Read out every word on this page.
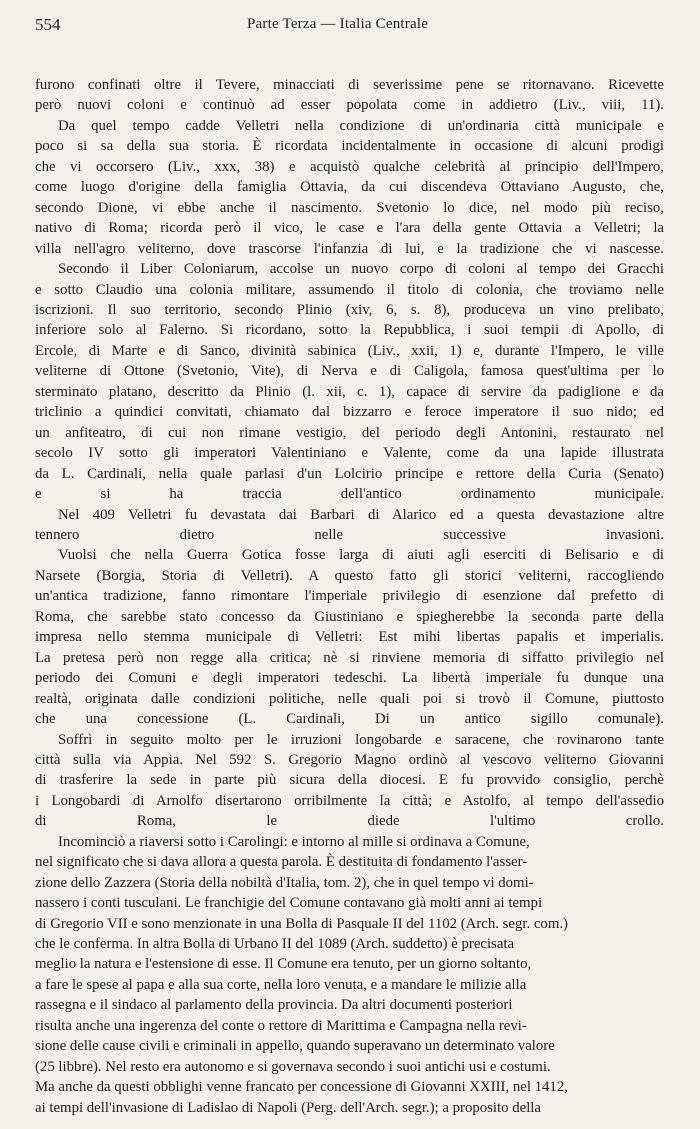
554	Parte Terza — Italia Centrale

furono confinati oltre il Tevere, minacciati di severissime pene se ritornavano. Ricevette
però nuovi coloni e continuò ad esser popolata come in addietro (Liv., viii, 11).

Da quel tempo cadde Velletri nella condizione di un'ordinaria città municipale e
poco si sa della sua storia. È ricordata incidentalmente in occasione di alcuni prodigi
che vi occorsero (Liv., xxx, 38) e acquistò qualche celebrità al principio dell'Impero,
come luogo d'origine della famiglia Ottavia, da cui discendeva Ottaviano Augusto, che,
secondo Dione, vi ebbe anche il nascimento. Svetonio lo dice, nel modo più reciso,
nativo di Roma; ricorda però il vico, le case e l'ara della gente Ottavia a Velletri; la
villa nell'agro veliterno, dove trascorse l'infanzia di lui, e la tradizione che vi nascesse.

Secondo il Liber Coloniarum, accolse un nuovo corpo di coloni al tempo dei Gracchi
e sotto Claudio una colonia militare, assumendo il titolo di colonia, che troviamo nelle
iscrizioni. Il suo territorio, secondo Plinio (xiv, 6, s. 8), produceva un vino prelibato,
inferiore solo al Falerno. Si ricordano, sotto la Repubblica, i suoi tempii di Apollo, di
Ercole, di Marte e di Sanco, divinità sabinica (Liv., xxii, 1) e, durante l'Impero, le ville
veliterne di Ottone (Svetonio, Vite), di Nerva e di Caligola, famosa quest'ultima per lo
sterminato platano, descritto da Plinio (l. xii, c. 1), capace di servire da padiglione e da
triclinio a quindici convitati, chiamato dal bizzarro e feroce imperatore il suo nido; ed
un anfiteatro, di cui non rimane vestigio, del periodo degli Antonini, restaurato nel
secolo IV sotto gli imperatori Valentiniano e Valente, come da una lapide illustrata
da L. Cardinali, nella quale parlasi d'un Lolcirio principe e rettore della Curia (Senato)
e si ha traccia dell'antico ordinamento municipale.

Nel 409 Velletri fu devastata dai Barbari di Alarico ed a questa devastazione altre
tennero dietro nelle successive invasioni.

Vuolsi che nella Guerra Gotica fosse larga di aiuti agli eserciti di Belisario e di
Narsete (Borgia, Storia di Velletri). A questo fatto gli storici veliterni, raccogliendo
un'antica tradizione, fanno rimontare l'imperiale privilegio di esenzione dal prefetto di
Roma, che sarebbe stato concesso da Giustiniano e spiegherebbe la seconda parte della
impresa nello stemma municipale di Velletri: Est mihi libertas papalis et imperialis.
La pretesa però non regge alla critica; nè si rinviene memoria di siffatto privilegio nel
periodo dei Comuni e degli imperatori tedeschi. La libertà imperiale fu dunque una
realtà, originata dalle condizioni politiche, nelle quali poi si trovò il Comune, piuttosto
che una concessione (L. Cardinali, Di un antico sigillo comunale).

Soffrì in seguito molto per le irruzioni longobarde e saracene, che rovinarono tante
città sulla via Appia. Nel 592 S. Gregorio Magno ordinò al vescovo veliterno Giovanni
di trasferire la sede in parte più sicura della diocesi. E fu provvido consiglio, perchè
i Longobardi di Arnolfo disertarono orribilmente la città; e Astolfo, al tempo dell'assedio
di Roma, le diede l'ultimo crollo.

Incominciò a riaversi sotto i Carolingi: e intorno al mille si ordinava a Comune,
nel significato che si dava allora a questa parola. È destituita di fondamento l'asser-
zione dello Zazzera (Storia della nobiltà d'Italia, tom. 2), che in quel tempo vi domi-
nassero i conti tusculani. Le franchigie del Comune contavano già molti anni ai tempi
di Gregorio VII e sono menzionate in una Bolla di Pasquale II del 1102 (Arch. segr. com.)
che le conferma. In altra Bolla di Urbano II del 1089 (Arch. suddetto) è precisata
meglio la natura e l'estensione di esse. Il Comune era tenuto, per un giorno soltanto,
a fare le spese al papa e alla sua corte, nella loro venuta, e a mandare le milizie alla
rassegna e il sindaco al parlamento della provincia. Da altri documenti posteriori
risulta anche una ingerenza del conte o rettore di Marittima e Campagna nella revi-
sione delle cause civili e criminali in appello, quando superavano un determinato valore
(25 libbre). Nel resto era autonomo e si governava secondo i suoi antichi usi e costumi.
Ma anche da questi obblighi venne francato per concessione di Giovanni XXIII, nel 1412,
ai tempi dell'invasione di Ladislao di Napoli (Perg. dell'Arch. segr.); a proposito della
